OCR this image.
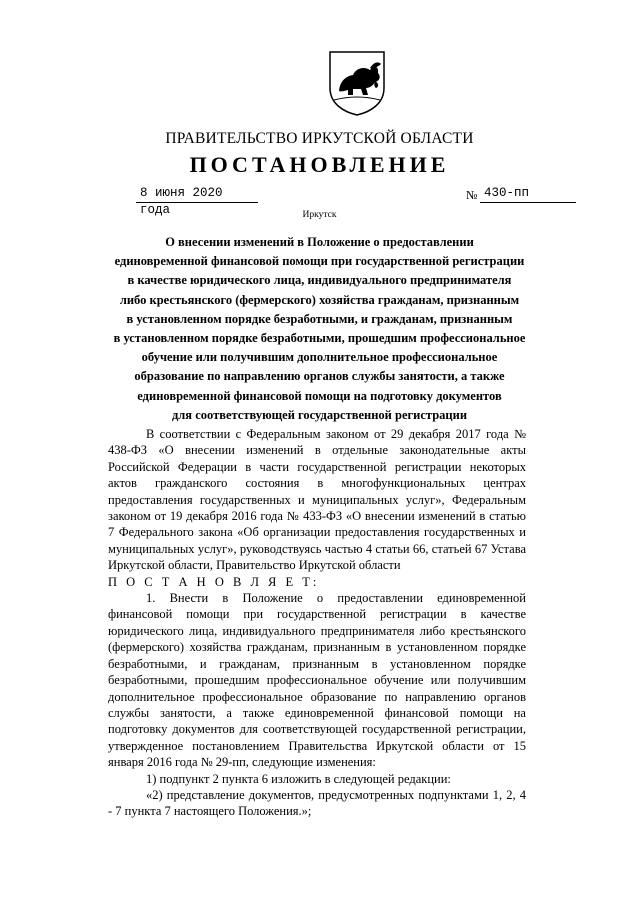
ПРАВИТЕЛЬСТВО ИРКУТСКОЙ ОБЛАСТИ
ПОСТАНОВЛЕНИЕ
8 июня 2020 года
№ 430-пп
Иркутск
О внесении изменений в Положение о предоставлении
единовременной финансовой помощи при государственной регистрации
в качестве юридического лица, индивидуального предпринимателя
либо крестьянского (фермерского) хозяйства гражданам, признанным
в установленном порядке безработными, и гражданам, признанным
в установленном порядке безработными, прошедшим профессиональное
обучение или получившим дополнительное профессиональное
образование по направлению органов службы занятости, а также
единовременной финансовой помощи на подготовку документов
для соответствующей государственной регистрации

В соответствии с Федеральным законом от 29 декабря 2017 года № 438-ФЗ «О внесении изменений в отдельные законодательные акты Российской Федерации в части государственной регистрации некоторых актов гражданского состояния в многофункциональных центрах предоставления государственных и муниципальных услуг», Федеральным законом от 19 декабря 2016 года № 433-ФЗ «О внесении изменений в статью 7 Федерального закона «Об организации предоставления государственных и муниципальных услуг», руководствуясь частью 4 статьи 66, статьей 67 Устава Иркутской области, Правительство Иркутской области

П О С Т А Н О В Л Я Е Т:

1. Внести в Положение о предоставлении единовременной финансовой помощи при государственной регистрации в качестве юридического лица, индивидуального предпринимателя либо крестьянского (фермерского) хозяйства гражданам, признанным в установленном порядке безработными, и гражданам, признанным в установленном порядке безработными, прошедшим профессиональное обучение или получившим дополнительное профессиональное образование по направлению органов службы занятости, а также единовременной финансовой помощи на подготовку документов для соответствующей государственной регистрации, утвержденное постановлением Правительства Иркутской области от 15 января 2016 года № 29-пп, следующие изменения:

1) подпункт 2 пункта 6 изложить в следующей редакции:

«2) представление документов, предусмотренных подпунктами 1, 2, 4 - 7 пункта 7 настоящего Положения.»;
